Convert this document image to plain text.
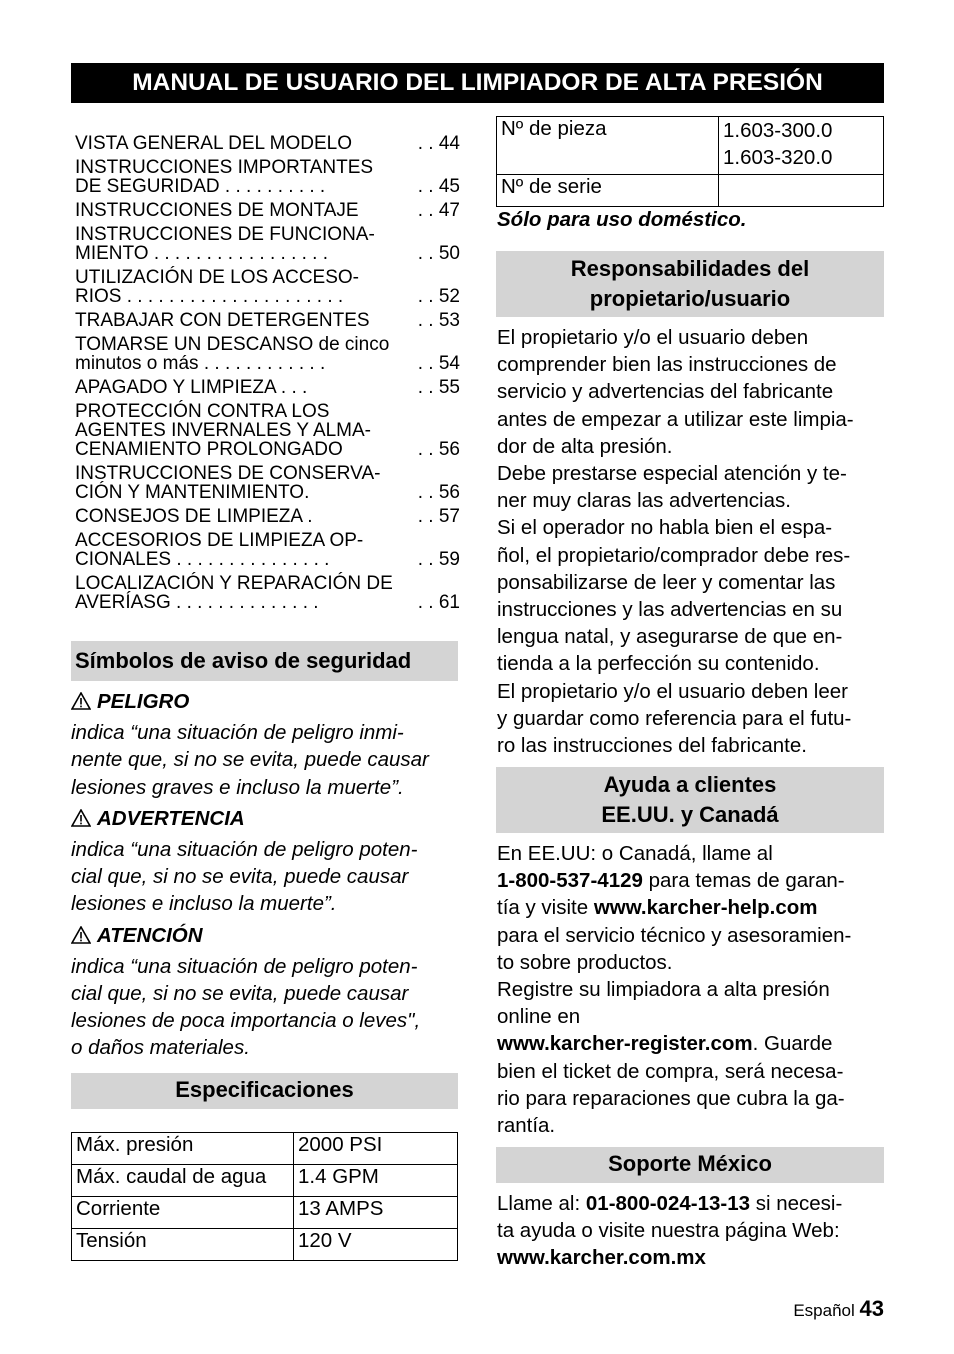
MANUAL DE USUARIO DEL LIMPIADOR DE ALTA PRESIÓN
VISTA GENERAL DEL MODELO	. . 44
INSTRUCCIONES IMPORTANTES
DE SEGURIDAD . . . . . . . . . .	. . 45
INSTRUCCIONES DE MONTAJE	. . 47
INSTRUCCIONES DE FUNCIONA-
MIENTO . . . . . . . . . . . . . . . . .	. . 50
UTILIZACIÓN DE LOS ACCESO-
RIOS . . . . . . . . . . . . . . . . . . . . .	. . 52
TRABAJAR CON DETERGENTES	. . 53
TOMARSE UN DESCANSO de cinco
minutos o más . . . . . . . . . . . .	. . 54
APAGADO Y LIMPIEZA . . .	. . 55
PROTECCIÓN CONTRA LOS
AGENTES INVERNALES Y ALMA-
CENAMIENTO PROLONGADO	. . 56
INSTRUCCIONES DE CONSERVA-
CIÓN Y MANTENIMIENTO.	. . 56
CONSEJOS DE LIMPIEZA .	. . 57
ACCESORIOS DE LIMPIEZA OP-
CIONALES . . . . . . . . . . . . . . .	. . 59
LOCALIZACIÓN Y REPARACIÓN DE
AVERÍASG . . . . . . . . . . . . . .	. . 61
Símbolos de aviso de seguridad
PELIGRO
indica “una situación de peligro inmi-
nente que, si no se evita, puede causar
lesiones graves e incluso la muerte”.
ADVERTENCIA
indica “una situación de peligro poten-
cial que, si no se evita, puede causar
lesiones e incluso la muerte”.
ATENCIÓN
indica “una situación de peligro poten-
cial que, si no se evita, puede causar
lesiones de poca importancia o leves",
o daños materiales.
Especificaciones
Máx. presión	2000 PSI
Máx. caudal de agua	1.4 GPM
Corriente	13 AMPS
Tensión	120 V
Nº de pieza	1.603-300.0
1.603-320.0
Nº de serie	
Sólo para uso doméstico.
Responsabilidades del
propietario/usuario
El propietario y/o el usuario deben
comprender bien las instrucciones de
servicio y advertencias del fabricante
antes de empezar a utilizar este limpia-
dor de alta presión.
Debe prestarse especial atención y te-
ner muy claras las advertencias.
Si el operador no habla bien el espa-
ñol, el propietario/comprador debe res-
ponsabilizarse de leer y comentar las
instrucciones y las advertencias en su
lengua natal, y asegurarse de que en-
tienda a la perfección su contenido.
El propietario y/o el usuario deben leer
y guardar como referencia para el futu-
ro las instrucciones del fabricante.
Ayuda a clientes
EE.UU. y Canadá
En EE.UU: o Canadá, llame al
1-800-537-4129 para temas de garan-
tía y visite www.karcher-help.com
para el servicio técnico y asesoramien-
to sobre productos.
Registre su limpiadora a alta presión
online en
www.karcher-register.com. Guarde
bien el ticket de compra, será necesa-
rio para reparaciones que cubra la ga-
rantía.
Soporte México
Llame al: 01-800-024-13-13 si necesi-
ta ayuda o visite nuestra página Web:
www.karcher.com.mx
Español 43
